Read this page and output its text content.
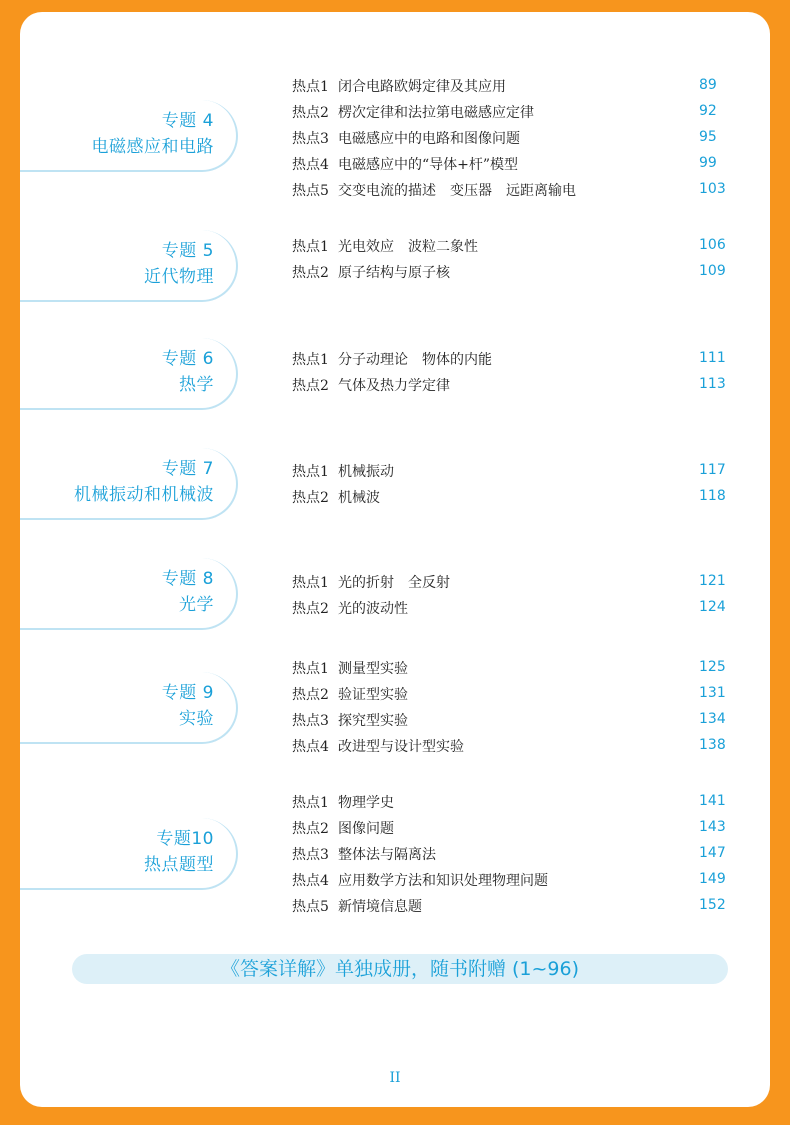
专题 4
电磁感应和电路
热点1 闭合电路欧姆定律及其应用	89
热点2 楞次定律和法拉第电磁感应定律	92
热点3 电磁感应中的电路和图像问题	95
热点4 电磁感应中的“导体+杆”模型	99
热点5 交变电流的描述　变压器　远距离输电	103
专题 5
近代物理
热点1 光电效应　波粒二象性	106
热点2 原子结构与原子核	109
专题 6
热学
热点1 分子动理论　物体的内能	111
热点2 气体及热力学定律	113
专题 7
机械振动和机械波
热点1 机械振动	117
热点2 机械波	118
专题 8
光学
热点1 光的折射　全反射	121
热点2 光的波动性	124
专题 9
实验
热点1 测量型实验	125
热点2 验证型实验	131
热点3 探究型实验	134
热点4 改进型与设计型实验	138
专题10
热点题型
热点1 物理学史	141
热点2 图像问题	143
热点3 整体法与隔离法	147
热点4 应用数学方法和知识处理物理问题	149
热点5 新情境信息题	152
《答案详解》单独成册，随书附赠 (1~96)
II
